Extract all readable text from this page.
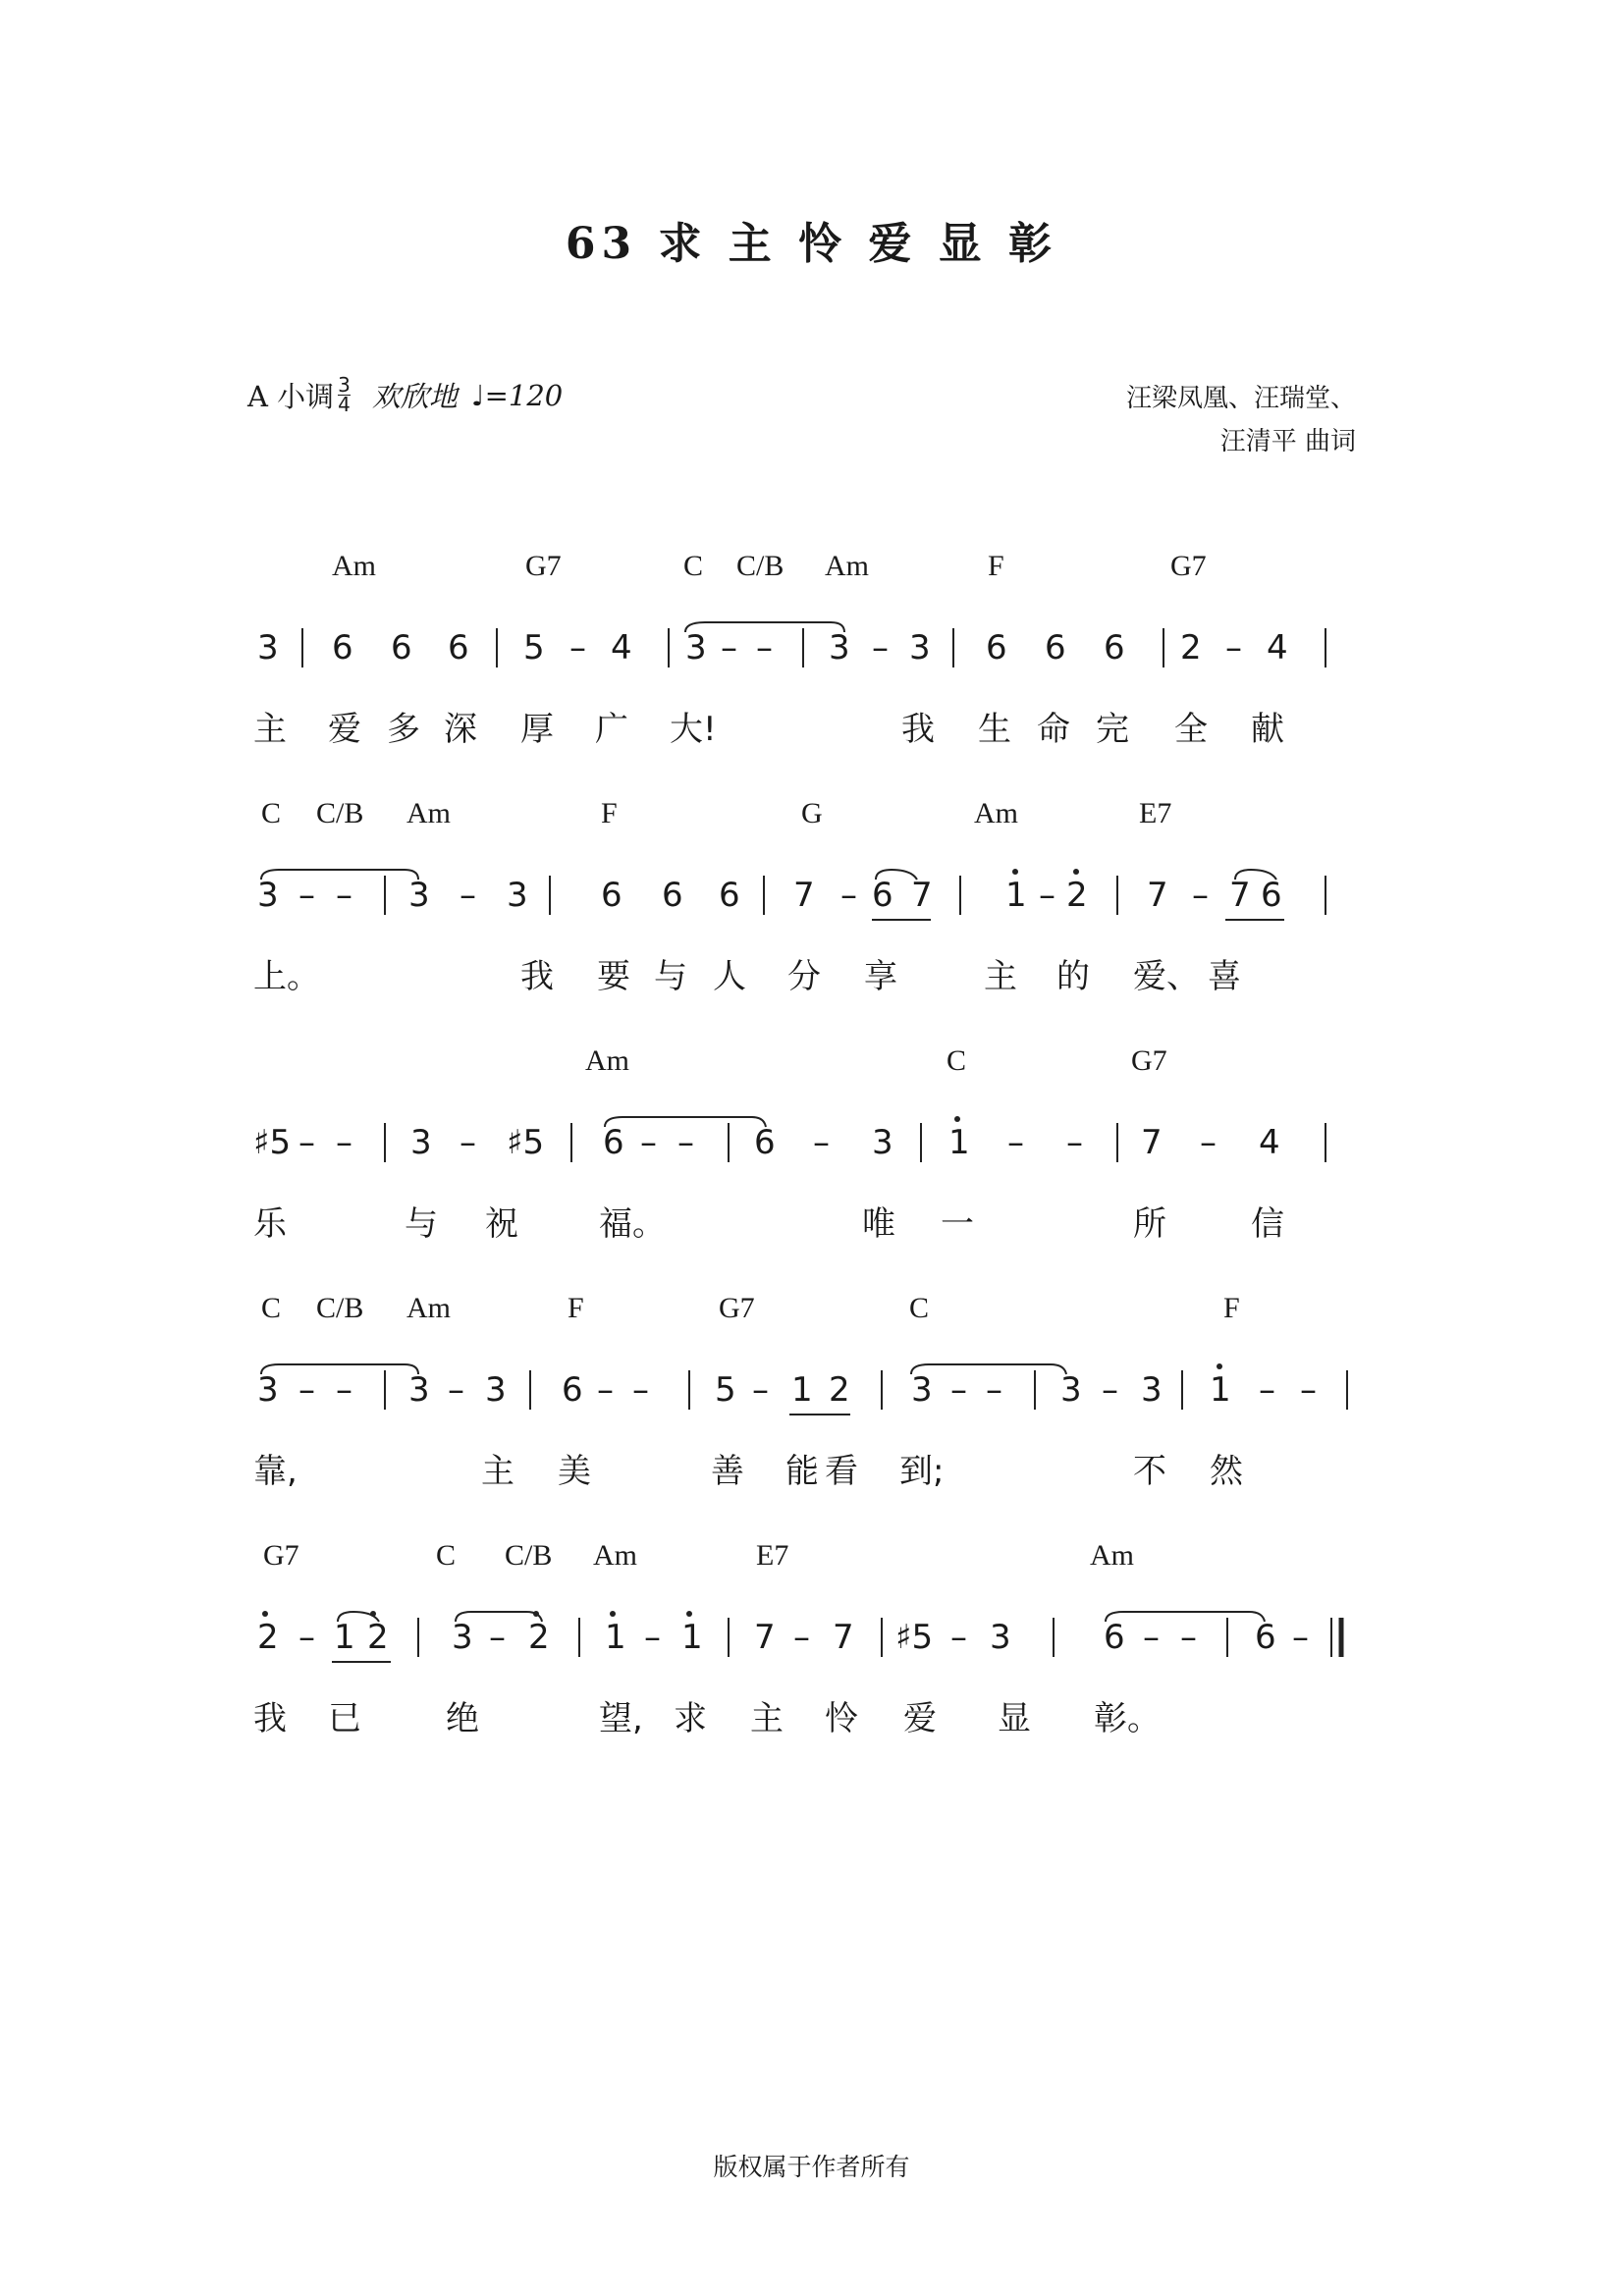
63 求 主 怜 爱 显 彰
A 小调 $\frac{3}{4}$ 欢欣地 ♩=120	汪梁凤凰、汪瑞堂、
汪清平 曲词
Am	G7	C C/B Am	F	G7
3 6 6 6 5 – 4 3 – – 3 – 3 6 6 6 2 – 4
主 爱 多 深 厚 广 大!	我 生 命 完 全 献
C C/B Am	F	G	Am	E7
3 – – 3 – 3 6 6 6 7 – 6 7 1 – 2 7 – 7 6
上。	我 要 与 人 分 享	主 的 爱、 喜
Am	C	G7
♯5 – – 3 – ♯5 6 – – 6 – 3 1 – – 7 – 4
乐	与 祝 福。	唯 一	所	信
C C/B Am	F	G7	C	F
3 – – 3 – 3 6 – – 5 – 1 2 3 – – 3 – 3 1 – –
靠,	主 美	善 能 看 到;	不 然
G7	C C/B Am	E7	Am
2 – 1 2 3 – 2 1 – 1 7 – 7 ♯5 – 3	6 – – 6 –
我 已	绝	望, 求 主 怜 爱 显 彰。
版权属于作者所有
